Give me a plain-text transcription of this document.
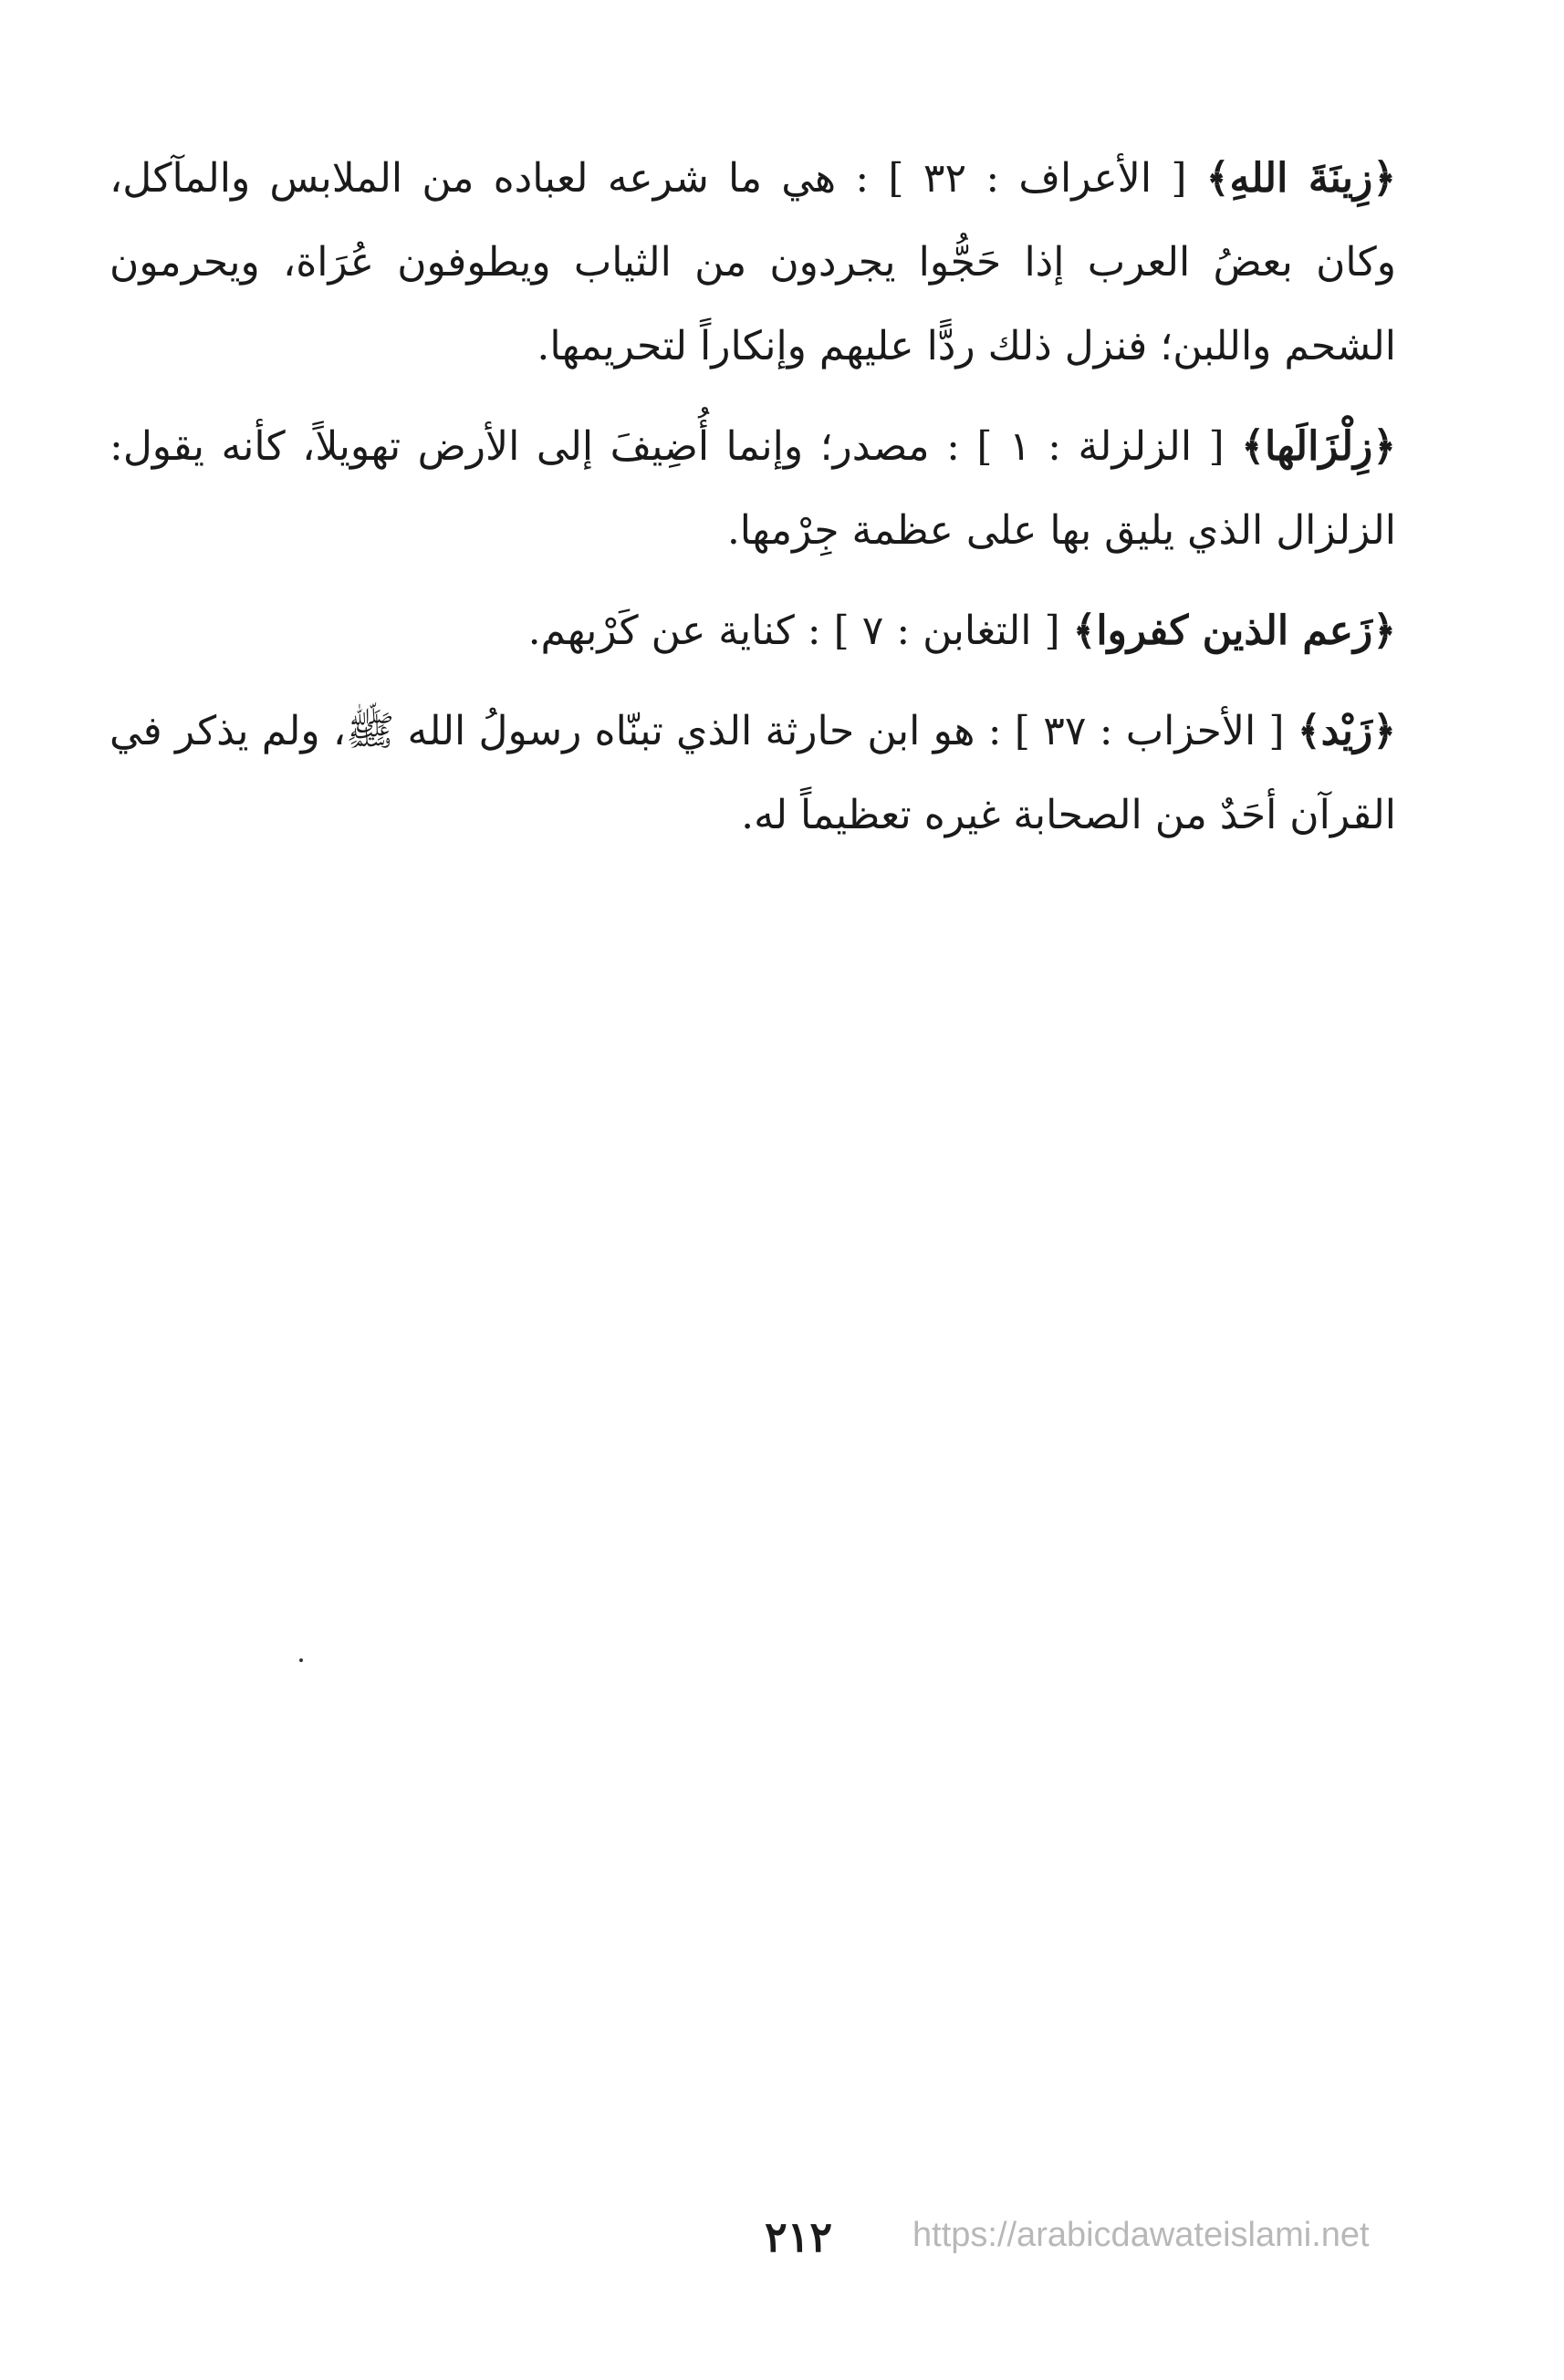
﴿زِينَةَ اللهِ﴾ [ الأعراف : ٣٢ ] : هي ما شرعه لعباده من الملابس والمآكل، وكان بعضُ العرب إذا حَجُّوا يجردون من الثياب ويطوفون عُرَاة، ويحرمون الشحم واللبن؛ فنزل ذلك ردًّا عليهم وإنكاراً لتحريمها.

﴿زِلْزَالَها﴾ [ الزلزلة : ١ ] : مصدر؛ وإنما أُضِيفَ إلى الأرض تهويلاً، كأنه يقول: الزلزال الذي يليق بها على عظمة جِرْمها.

﴿زَعم الذين كفروا﴾ [ التغابن : ٧ ] : كناية عن كَرْبهم.

﴿زَيْد﴾ [ الأحزاب : ٣٧ ] : هو ابن حارثة الذي تبنّاه رسولُ الله ﷺ، ولم يذكر في القرآن أحَدٌ من الصحابة غيره تعظيماً له.

٢١٢	https://arabicdawateislami.net
